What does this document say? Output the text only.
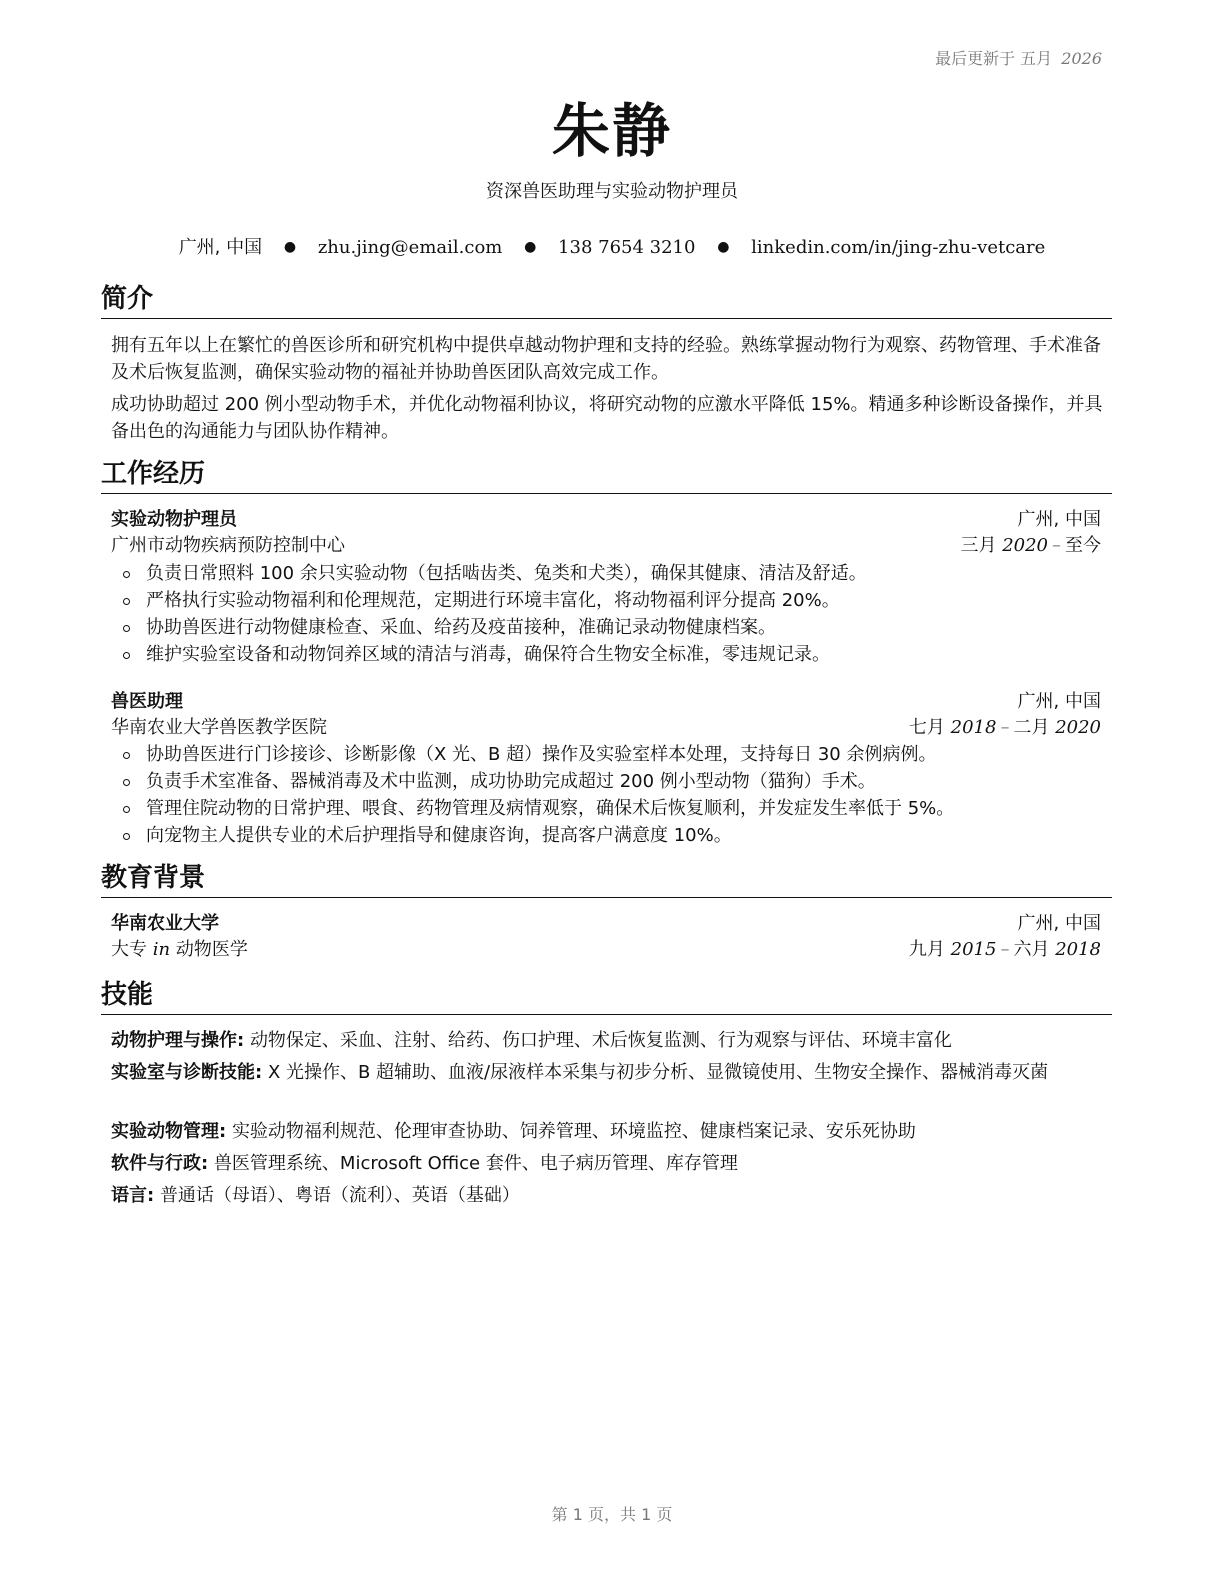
最后更新于 五月 2026
朱静
资深兽医助理与实验动物护理员
广州, 中国 ● zhu.jing@email.com ● 138 7654 3210 ● linkedin.com/in/jing-zhu-vetcare
简介
拥有五年以上在繁忙的兽医诊所和研究机构中提供卓越动物护理和支持的经验。熟练掌握动物行为观察、药物管理、手术准备及术后恢复监测，确保实验动物的福祉并协助兽医团队高效完成工作。
成功协助超过 200 例小型动物手术，并优化动物福利协议，将研究动物的应激水平降低 15%。精通多种诊断设备操作，并具备出色的沟通能力与团队协作精神。
工作经历
实验动物护理员	广州, 中国
广州市动物疾病预防控制中心	三月 2020 – 至今
负责日常照料 100 余只实验动物（包括啮齿类、兔类和犬类），确保其健康、清洁及舒适。
严格执行实验动物福利和伦理规范，定期进行环境丰富化，将动物福利评分提高 20%。
协助兽医进行动物健康检查、采血、给药及疫苗接种，准确记录动物健康档案。
维护实验室设备和动物饲养区域的清洁与消毒，确保符合生物安全标准，零违规记录。
兽医助理	广州, 中国
华南农业大学兽医教学医院	七月 2018 – 二月 2020
协助兽医进行门诊接诊、诊断影像（X 光、B 超）操作及实验室样本处理，支持每日 30 余例病例。
负责手术室准备、器械消毒及术中监测，成功协助完成超过 200 例小型动物（猫狗）手术。
管理住院动物的日常护理、喂食、药物管理及病情观察，确保术后恢复顺利，并发症发生率低于 5%。
向宠物主人提供专业的术后护理指导和健康咨询，提高客户满意度 10%。
教育背景
华南农业大学	广州, 中国
大专 in 动物医学	九月 2015 – 六月 2018
技能
动物护理与操作: 动物保定、采血、注射、给药、伤口护理、术后恢复监测、行为观察与评估、环境丰富化
实验室与诊断技能: X 光操作、B 超辅助、血液/尿液样本采集与初步分析、显微镜使用、生物安全操作、器械消毒灭菌
实验动物管理: 实验动物福利规范、伦理审查协助、饲养管理、环境监控、健康档案记录、安乐死协助
软件与行政: 兽医管理系统、Microsoft Office 套件、电子病历管理、库存管理
语言: 普通话（母语）、粤语（流利）、英语（基础）
第 1 页，共 1 页
